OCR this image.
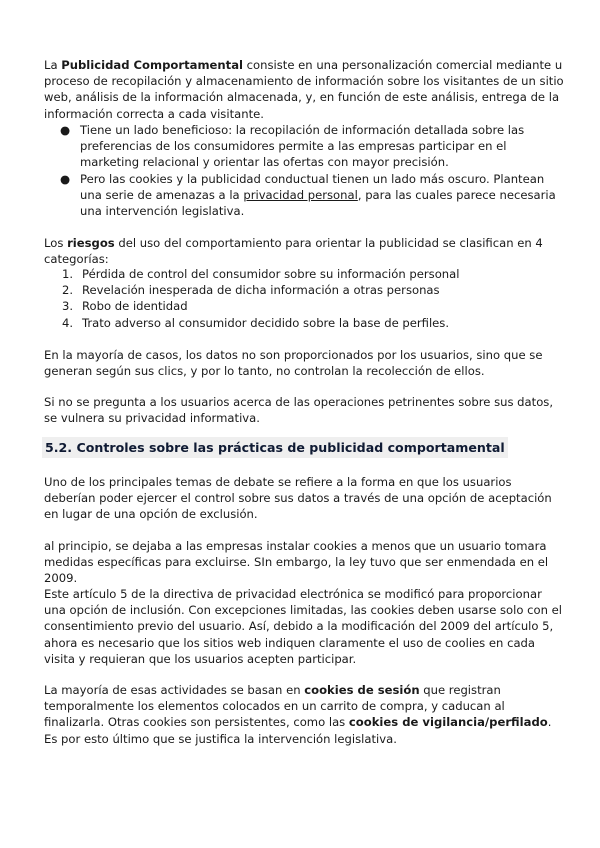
La Publicidad Comportamental consiste en una personalización comercial mediante u proceso de recopilación y almacenamiento de información sobre los visitantes de un sitio web, análisis de la información almacenada, y, en función de este análisis, entrega de la información correcta a cada visitante.

● Tiene un lado beneficioso: la recopilación de información detallada sobre las preferencias de los consumidores permite a las empresas participar en el marketing relacional y orientar las ofertas con mayor precisión.
● Pero las cookies y la publicidad conductual tienen un lado más oscuro. Plantean una serie de amenazas a la privacidad personal, para las cuales parece necesaria una intervención legislativa.

Los riesgos del uso del comportamiento para orientar la publicidad se clasifican en 4 categorías:

1. Pérdida de control del consumidor sobre su información personal
2. Revelación inesperada de dicha información a otras personas
3. Robo de identidad
4. Trato adverso al consumidor decidido sobre la base de perfiles.

En la mayoría de casos, los datos no son proporcionados por los usuarios, sino que se generan según sus clics, y por lo tanto, no controlan la recolección de ellos.

Si no se pregunta a los usuarios acerca de las operaciones petrinentes sobre sus datos, se vulnera su privacidad informativa.

5.2. Controles sobre las prácticas de publicidad comportamental

Uno de los principales temas de debate se refiere a la forma en que los usuarios deberían poder ejercer el control sobre sus datos a través de una opción de aceptación en lugar de una opción de exclusión.

al principio, se dejaba a las empresas instalar cookies a menos que un usuario tomara medidas específicas para excluirse. SIn embargo, la ley tuvo que ser enmendada en el 2009.

Este artículo 5 de la directiva de privacidad electrónica se modificó para proporcionar una opción de inclusión. Con excepciones limitadas, las cookies deben usarse solo con el consentimiento previo del usuario. Así, debido a la modificación del 2009 del artículo 5, ahora es necesario que los sitios web indiquen claramente el uso de coolies en cada visita y requieran que los usuarios acepten participar.

La mayoría de esas actividades se basan en cookies de sesión que registran temporalmente los elementos colocados en un carrito de compra, y caducan al finalizarla. Otras cookies son persistentes, como las cookies de vigilancia/perfilado. Es por esto último que se justifica la intervención legislativa.
